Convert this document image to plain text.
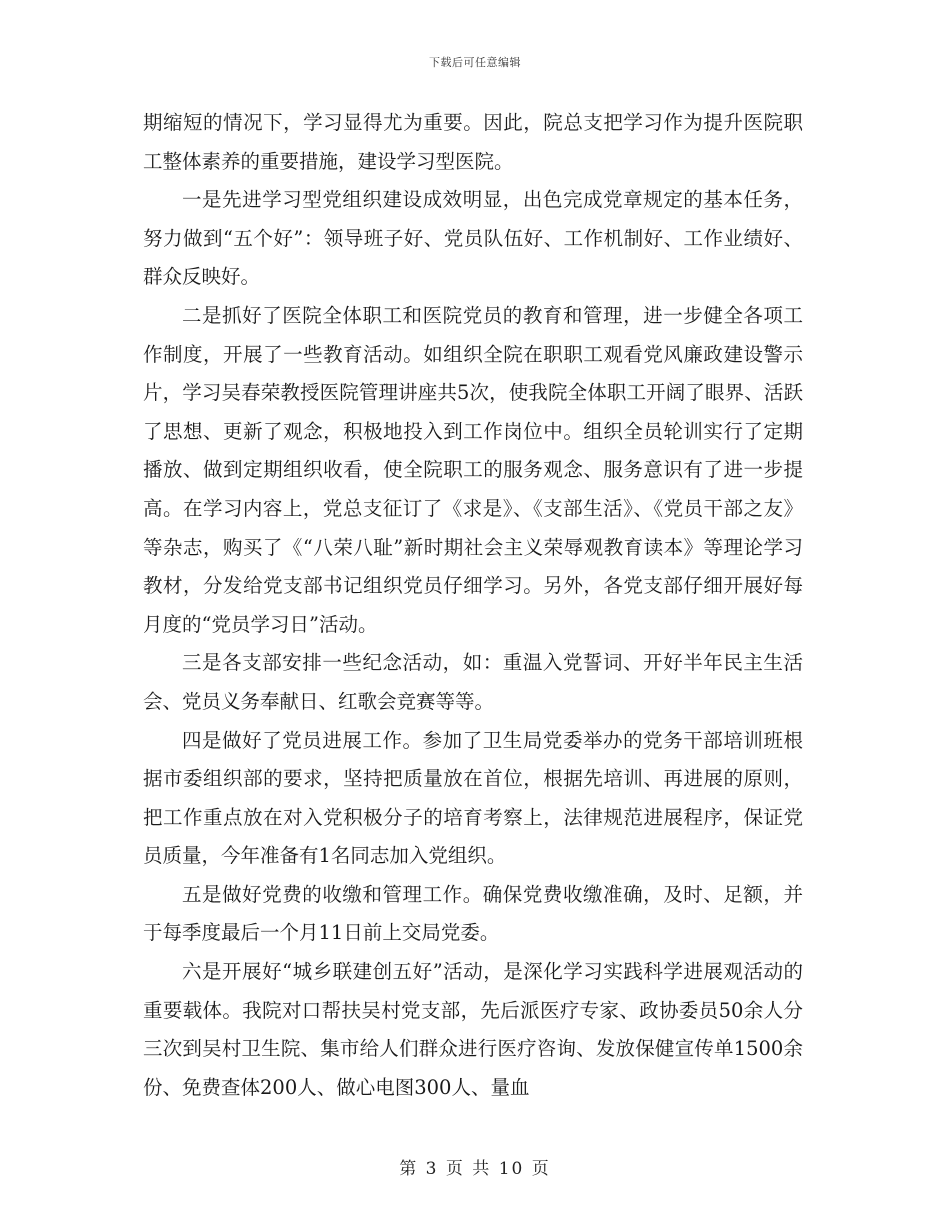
下载后可任意编辑

期缩短的情况下，学习显得尤为重要。因此，院总支把学习作为提升医院职工整体素养的重要措施，建设学习型医院。

一是先进学习型党组织建设成效明显，出色完成党章规定的基本任务，努力做到“五个好”：领导班子好、党员队伍好、工作机制好、工作业绩好、群众反映好。

二是抓好了医院全体职工和医院党员的教育和管理，进一步健全各项工作制度，开展了一些教育活动。如组织全院在职职工观看党风廉政建设警示片，学习吴春荣教授医院管理讲座共5次，使我院全体职工开阔了眼界、活跃了思想、更新了观念，积极地投入到工作岗位中。组织全员轮训实行了定期播放、做到定期组织收看，使全院职工的服务观念、服务意识有了进一步提高。在学习内容上，党总支征订了《求是》、《支部生活》、《党员干部之友》等杂志，购买了《“八荣八耻”新时期社会主义荣辱观教育读本》等理论学习教材，分发给党支部书记组织党员仔细学习。另外，各党支部仔细开展好每月度的“党员学习日”活动。

三是各支部安排一些纪念活动，如：重温入党誓词、开好半年民主生活会、党员义务奉献日、红歌会竞赛等等。

四是做好了党员进展工作。参加了卫生局党委举办的党务干部培训班根据市委组织部的要求，坚持把质量放在首位，根据先培训、再进展的原则，把工作重点放在对入党积极分子的培育考察上，法律规范进展程序，保证党员质量，今年准备有1名同志加入党组织。

五是做好党费的收缴和管理工作。确保党费收缴准确，及时、足额，并于每季度最后一个月11日前上交局党委。

六是开展好“城乡联建创五好”活动，是深化学习实践科学进展观活动的重要载体。我院对口帮扶吴村党支部，先后派医疗专家、政协委员50余人分三次到吴村卫生院、集市给人们群众进行医疗咨询、发放保健宣传单1500余份、免费查体200人、做心电图300人、量血

第 3 页 共 10 页
